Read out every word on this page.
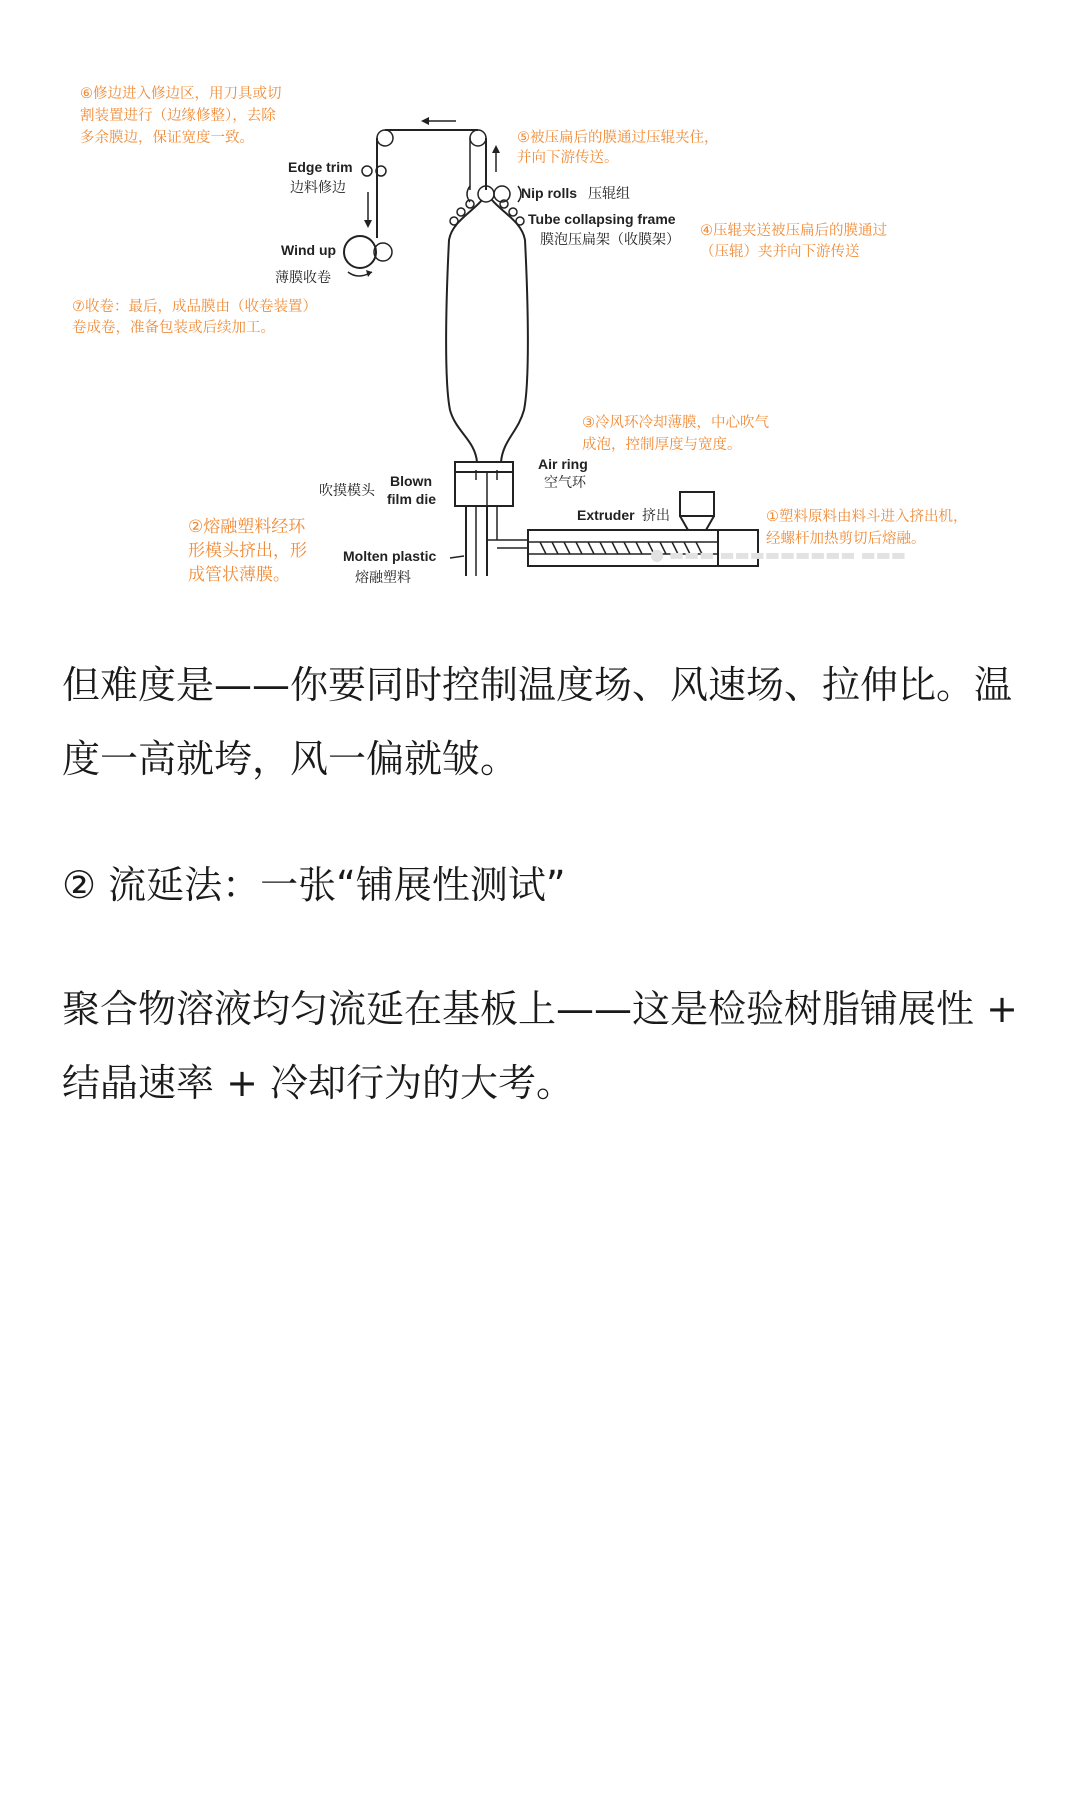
⑥修边进入修边区，用刀具或切
割装置进行（边缘修整），去除
多余膜边，保证宽度一致。	⑤被压扁后的膜通过压辊夹住，
并向下游传送。
④压辊夹送被压扁后的膜通过
（压辊）夹并向下游传送
⑦收卷：最后，成品膜由（收卷装置）
卷成卷，准备包装或后续加工。
③冷风环冷却薄膜，中心吹气
成泡，控制厚度与宽度。
②熔融塑料经环
形模头挤出，形
成管状薄膜。
①塑料原料由料斗进入挤出机，
经螺杆加热剪切后熔融。
● ▬▬▬ ▬▬▬▬▬▬▬▬▬ ▬▬▬
Edge trim
边料修边
Wind up
薄膜收卷
Nip rolls 压辊组
Tube collapsing frame
膜泡压扁架（收膜架）
Air ring
空气环
Blown
film die
吹摸模头
Extruder 挤出
Molten plastic
熔融塑料

但难度是——你要同时控制温度场、风速场、拉伸比。温度一高就垮，风一偏就皱。

② 流延法：一张“铺展性测试”

聚合物溶液均匀流延在基板上——这是检验树脂铺展性 + 结晶速率 + 冷却行为的大考。
